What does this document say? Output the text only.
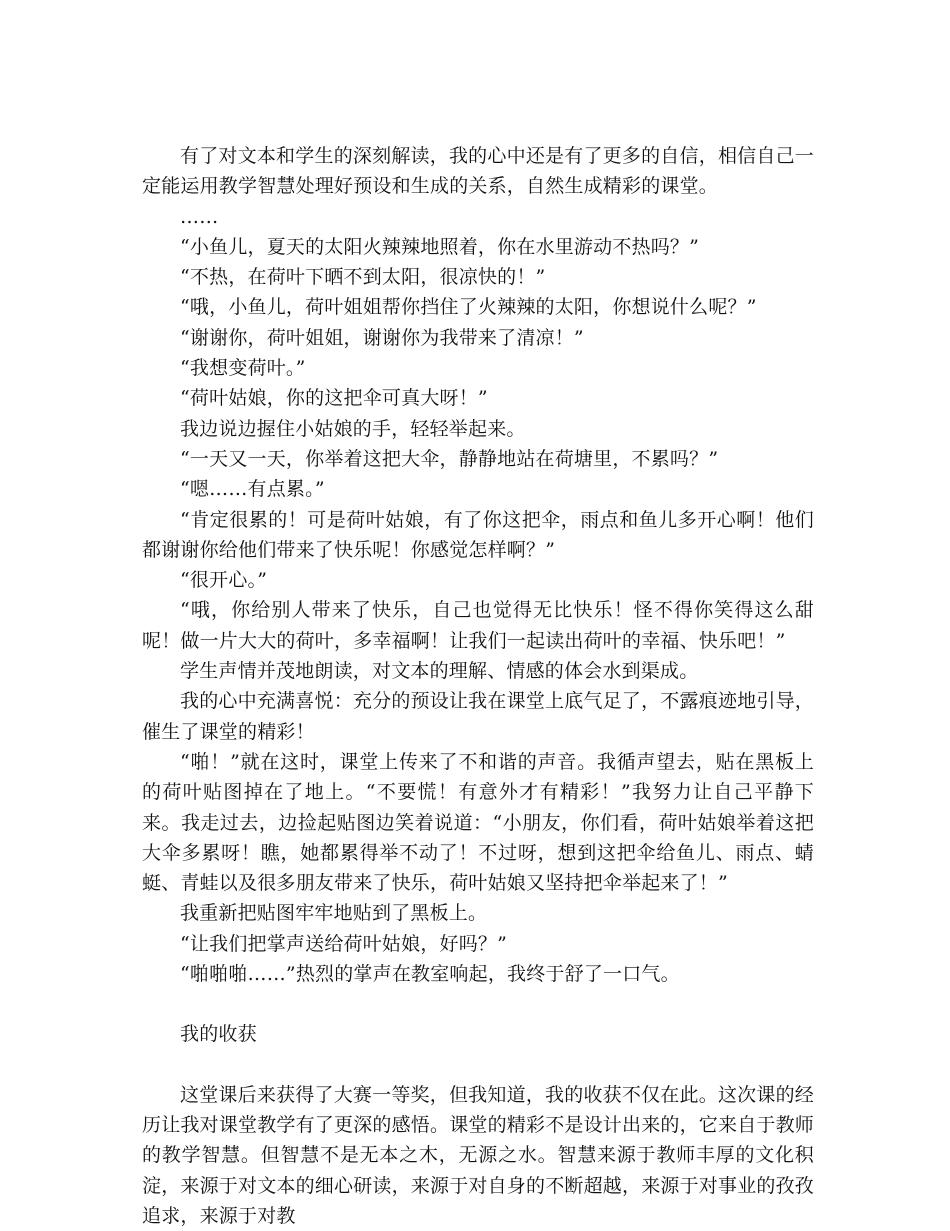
有了对文本和学生的深刻解读，我的心中还是有了更多的自信，相信自己一定能运用教学智慧处理好预设和生成的关系，自然生成精彩的课堂。

……

“小鱼儿，夏天的太阳火辣辣地照着，你在水里游动不热吗？”

“不热，在荷叶下晒不到太阳，很凉快的！”

“哦，小鱼儿，荷叶姐姐帮你挡住了火辣辣的太阳，你想说什么呢？”

“谢谢你，荷叶姐姐，谢谢你为我带来了清凉！”

“我想变荷叶。”

“荷叶姑娘，你的这把伞可真大呀！”

我边说边握住小姑娘的手，轻轻举起来。

“一天又一天，你举着这把大伞，静静地站在荷塘里，不累吗？”

“嗯……有点累。”

“肯定很累的！可是荷叶姑娘，有了你这把伞，雨点和鱼儿多开心啊！他们都谢谢你给他们带来了快乐呢！你感觉怎样啊？”

“很开心。”

“哦，你给别人带来了快乐，自己也觉得无比快乐！怪不得你笑得这么甜呢！做一片大大的荷叶，多幸福啊！让我们一起读出荷叶的幸福、快乐吧！”

学生声情并茂地朗读，对文本的理解、情感的体会水到渠成。

我的心中充满喜悦：充分的预设让我在课堂上底气足了，不露痕迹地引导，催生了课堂的精彩！

“啪！”就在这时，课堂上传来了不和谐的声音。我循声望去，贴在黑板上的荷叶贴图掉在了地上。“不要慌！有意外才有精彩！”我努力让自己平静下来。我走过去，边捡起贴图边笑着说道：“小朋友，你们看，荷叶姑娘举着这把大伞多累呀！瞧，她都累得举不动了！不过呀，想到这把伞给鱼儿、雨点、蜻蜓、青蛙以及很多朋友带来了快乐，荷叶姑娘又坚持把伞举起来了！”

我重新把贴图牢牢地贴到了黑板上。

“让我们把掌声送给荷叶姑娘，好吗？”

“啪啪啪……”热烈的掌声在教室响起，我终于舒了一口气。

我的收获

这堂课后来获得了大赛一等奖，但我知道，我的收获不仅在此。这次课的经历让我对课堂教学有了更深的感悟。课堂的精彩不是设计出来的，它来自于教师的教学智慧。但智慧不是无本之木，无源之水。智慧来源于教师丰厚的文化积淀，来源于对文本的细心研读，来源于对自身的不断超越，来源于对事业的孜孜追求，来源于对教
